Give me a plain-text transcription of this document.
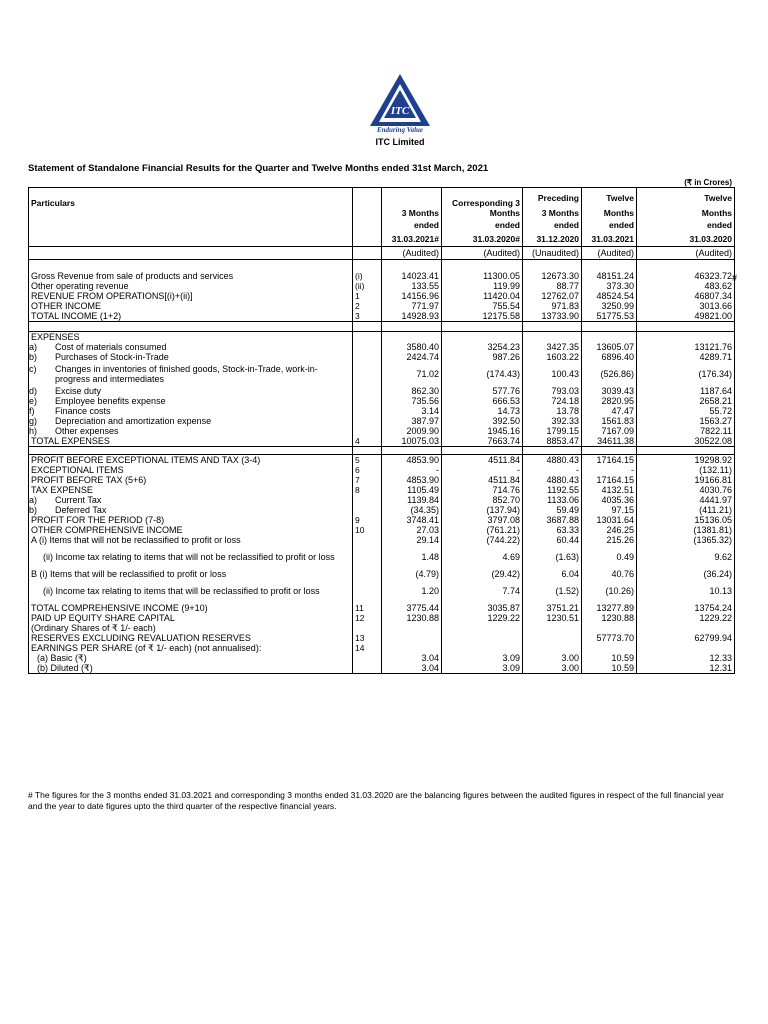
ITC
Enduring Value
ITC Limited
Statement of Standalone Financial Results for the Quarter and Twelve Months ended 31st March, 2021
(₹ in Crores)
Particulars			Corresponding 3	Preceding	Twelve	Twelve
		3 Months	Months	3 Months	Months	Months
		ended	ended	ended	ended	ended
		31.03.2021#	31.03.2020#	31.12.2020	31.03.2021	31.03.2020
		(Audited)	(Audited)	(Unaudited)	(Audited)	(Audited)

Gross Revenue from sale of products and services	(i)	14023.41	11300.05	12673.30	48151.24	46323.72
Other operating revenue	(ii)	133.55	119.99	88.77	373.30	483.62
REVENUE FROM OPERATIONS[(i)+(ii)]	1	14156.96	11420.04	12762.07	48524.54	46807.34
OTHER INCOME	2	771.97	755.54	971.83	3250.99	3013.66
TOTAL INCOME (1+2)	3	14928.93	12175.58	13733.90	51775.53	49821.00

EXPENSES						
a) Cost of materials consumed		3580.40	3254.23	3427.35	13605.07	13121.76
b) Purchases of Stock-in-Trade		2424.74	987.26	1603.22	6896.40	4289.71
c) Changes in inventories of finished goods, Stock-in-Trade, work-in-progress and intermediates		71.02	(174.43)	100.43	(526.86)	(176.34)
d) Excise duty		862.30	577.76	793.03	3039.43	1187.64
e) Employee benefits expense		735.56	666.53	724.18	2820.95	2658.21
f) Finance costs		3.14	14.73	13.78	47.47	55.72
g) Depreciation and amortization expense		387.97	392.50	392.33	1561.83	1563.27
h) Other expenses		2009.90	1945.16	1799.15	7167.09	7822.11
TOTAL EXPENSES	4	10075.03	7663.74	8853.47	34611.38	30522.08

PROFIT BEFORE EXCEPTIONAL ITEMS AND TAX (3-4)	5	4853.90	4511.84	4880.43	17164.15	19298.92
EXCEPTIONAL ITEMS	6	-	-	-	-	(132.11)
PROFIT BEFORE TAX (5+6)	7	4853.90	4511.84	4880.43	17164.15	19166.81
TAX EXPENSE	8	1105.49	714.76	1192.55	4132.51	4030.76
a) Current Tax		1139.84	852.70	1133.06	4035.36	4441.97
b) Deferred Tax		(34.35)	(137.94)	59.49	97.15	(411.21)
PROFIT FOR THE PERIOD (7-8)	9	3748.41	3797.08	3687.88	13031.64	15136.05
OTHER COMPREHENSIVE INCOME	10	27.03	(761.21)	63.33	246.25	(1381.81)
A (i) Items that will not be reclassified to profit or loss		29.14	(744.22)	60.44	215.26	(1365.32)
(ii) Income tax relating to items that will not be reclassified to profit or loss		1.48	4.69	(1.63)	0.49	9.62
B (i) Items that will be reclassified to profit or loss		(4.79)	(29.42)	6.04	40.76	(36.24)
(ii) Income tax relating to items that will be reclassified to profit or loss		1.20	7.74	(1.52)	(10.26)	10.13
TOTAL COMPREHENSIVE INCOME (9+10)	11	3775.44	3035.87	3751.21	13277.89	13754.24
PAID UP EQUITY SHARE CAPITAL	12	1230.88	1229.22	1230.51	1230.88	1229.22
(Ordinary Shares of ₹ 1/- each)						
RESERVES EXCLUDING REVALUATION RESERVES	13				57773.70	62799.94
EARNINGS PER SHARE (of ₹ 1/- each) (not annualised):	14					
(a) Basic (₹)		3.04	3.09	3.00	10.59	12.33
(b) Diluted (₹)		3.04	3.09	3.00	10.59	12.31
#
# The figures for the 3 months ended 31.03.2021 and corresponding 3 months ended 31.03.2020 are the balancing figures between the audited figures in respect of the full financial year and the year to date figures upto the third quarter of the respective financial years.
